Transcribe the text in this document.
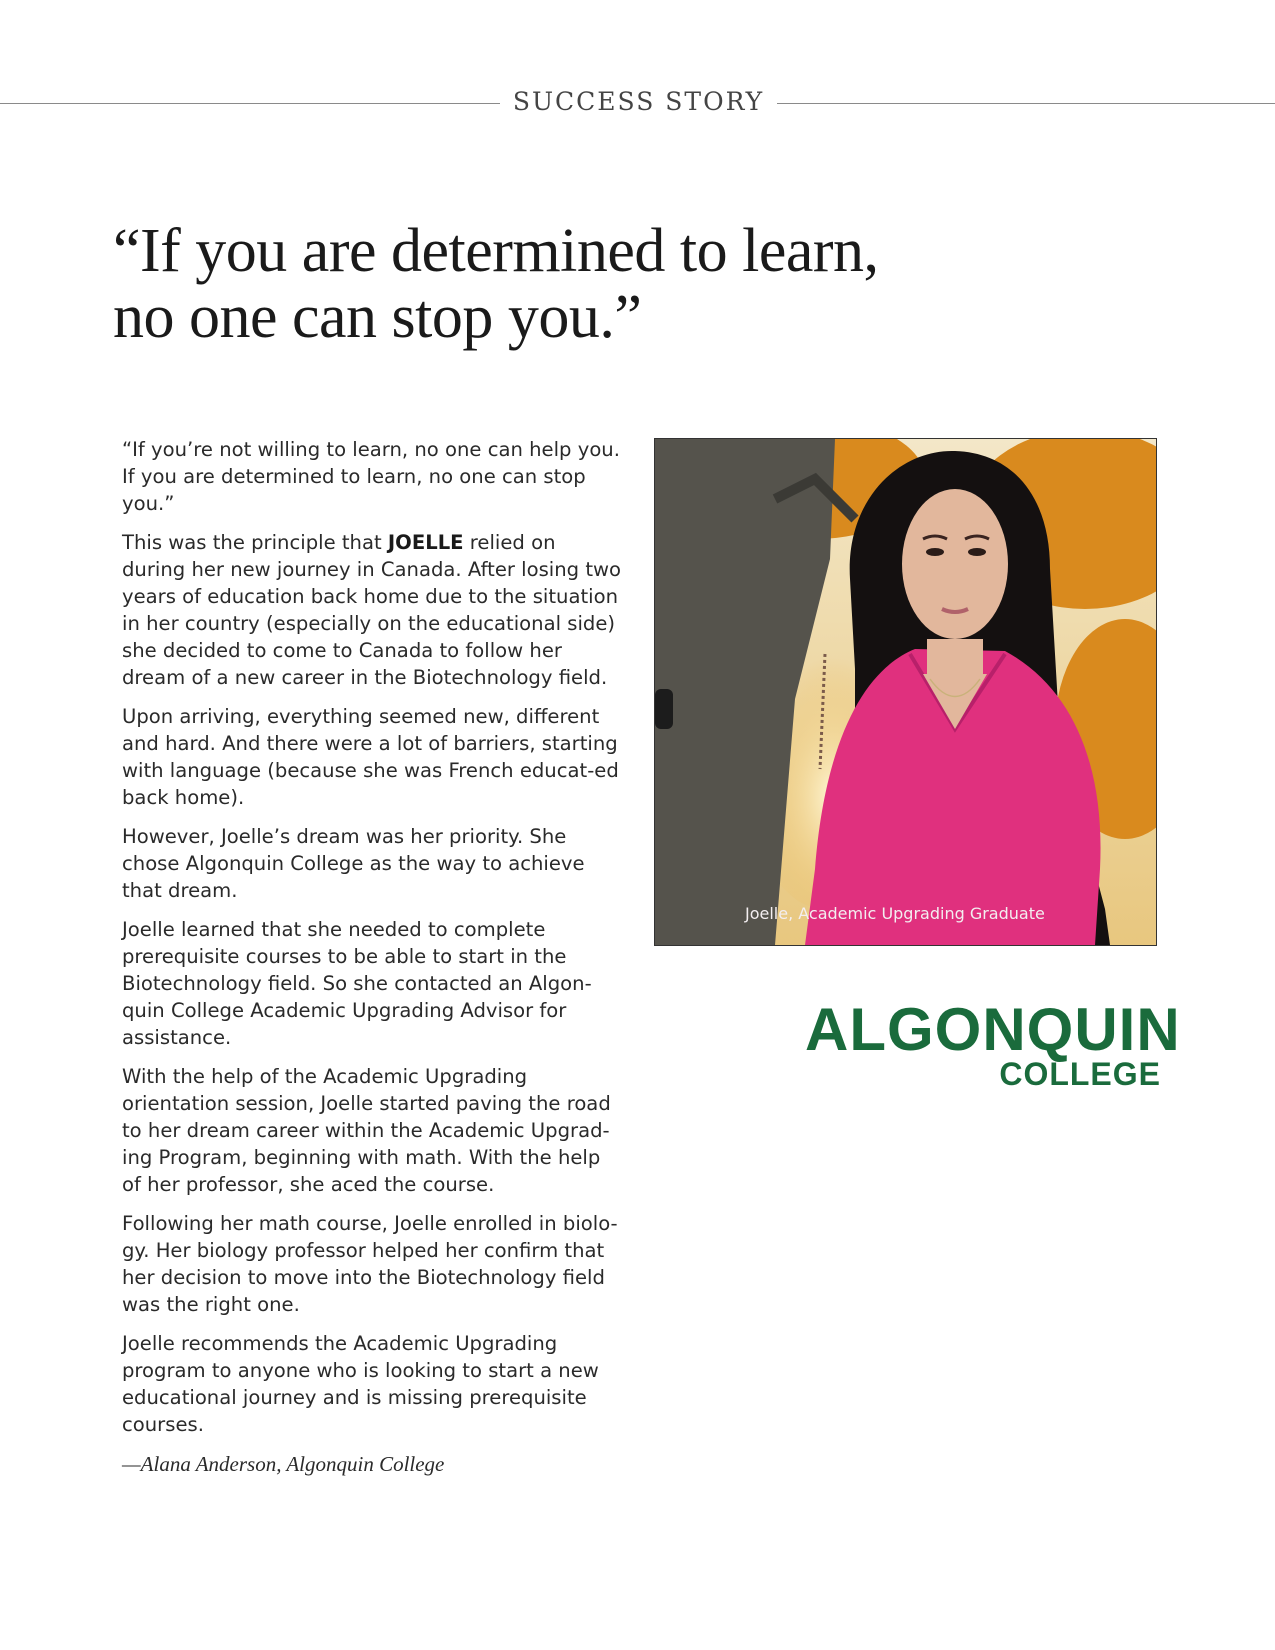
SUCCESS STORY
“If you are determined to learn,
no one can stop you.”

“If you’re not willing to learn, no one can help you. If you are determined to learn, no one can stop you.”

This was the principle that JOELLE relied on during her new journey in Canada. After losing two years of education back home due to the situation in her country (especially on the educational side) she decided to come to Canada to follow her dream of a new career in the Biotechnology field.

Upon arriving, everything seemed new, different and hard. And there were a lot of barriers, starting with language (because she was French educat-ed back home).

However, Joelle’s dream was her priority. She chose Algonquin College as the way to achieve that dream.

Joelle learned that she needed to complete prerequisite courses to be able to start in the Biotechnology field. So she contacted an Algon-quin College Academic Upgrading Advisor for assistance.

With the help of the Academic Upgrading orientation session, Joelle started paving the road to her dream career within the Academic Upgrad-ing Program, beginning with math. With the help of her professor, she aced the course.

Following her math course, Joelle enrolled in biolo-gy. Her biology professor helped her confirm that her decision to move into the Biotechnology field was the right one.

Joelle recommends the Academic Upgrading program to anyone who is looking to start a new educational journey and is missing prerequisite courses.

—Alana Anderson, Algonquin College
Joelle, Academic Upgrading Graduate
ALGONQUIN
COLLEGE
